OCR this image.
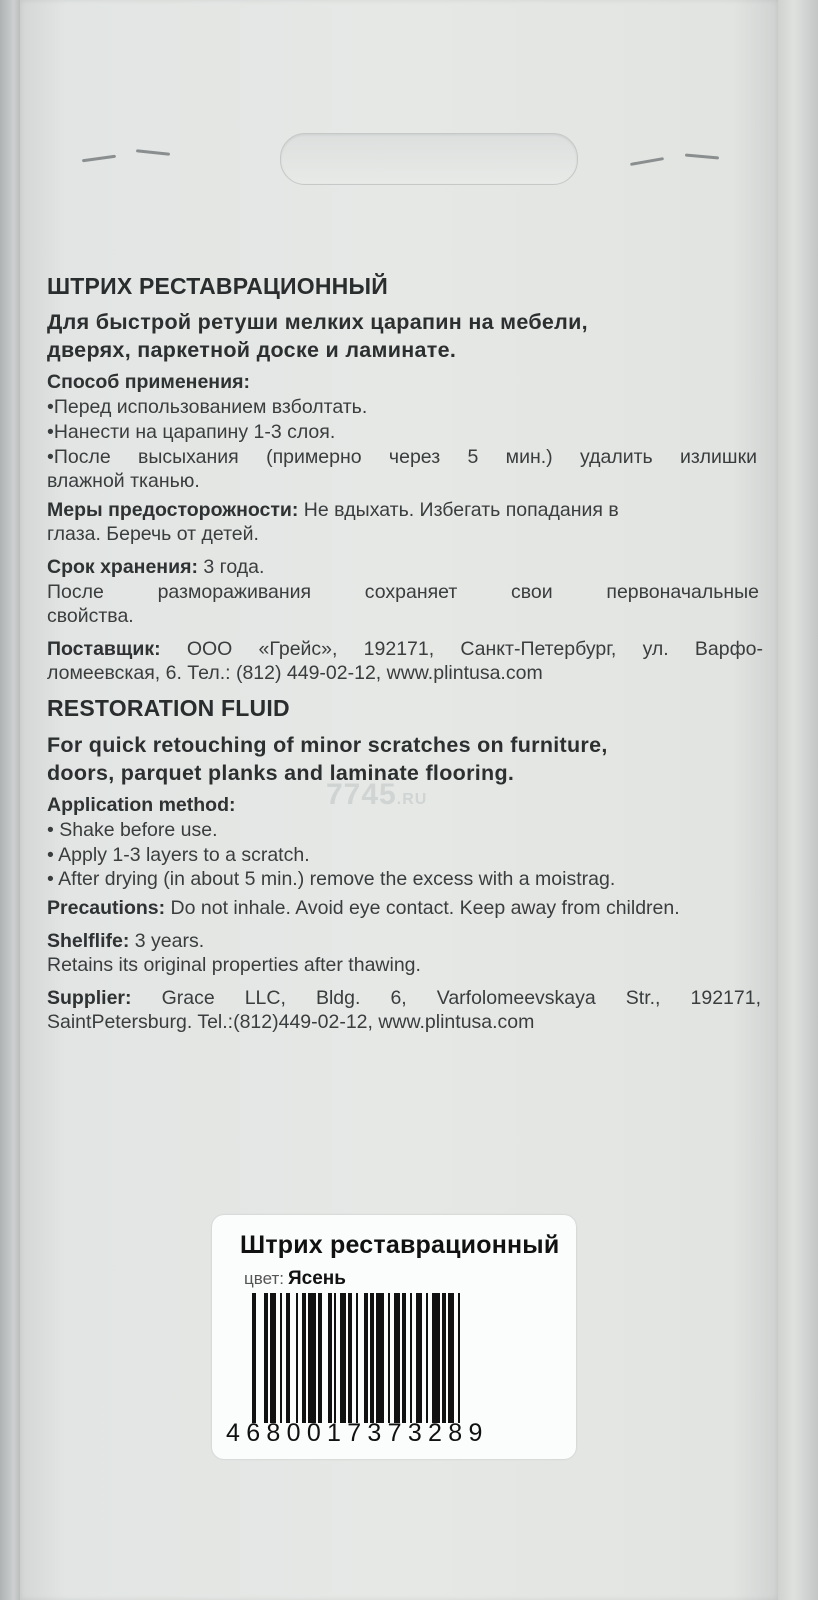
ШТРИХ РЕСТАВРАЦИОННЫЙ
Для быстрой ретуши мелких царапин на мебели,
дверях, паркетной доске и ламинате.
Способ применения:
•Перед использованием взболтать.
•Нанести на царапину 1-3 слоя.
•После высыхания (примерно через 5 мин.) удалить излишки
влажной тканью.
Меры предосторожности: Не вдыхать. Избегать попадания в
глаза. Беречь от детей.
Срок хранения: 3 года.
После размораживания сохраняет свои первоначальные
свойства.
Поставщик: ООО «Грейс», 192171, Санкт-Петербург, ул. Варфо-
ломеевская, 6. Тел.: (812) 449-02-12, www.plintusa.com
RESTORATION FLUID
For quick retouching of minor scratches on furniture,
doors, parquet planks and laminate flooring.
7745.RU
Application method:
• Shake before use.
• Apply 1-3 layers to a scratch.
• After drying (in about 5 min.) remove the excess with a moistrag.
Precautions: Do not inhale. Avoid eye contact. Keep away from children.
Shelflife: 3 years.
Retains its original properties after thawing.
Supplier: Grace LLC, Bldg. 6, Varfolomeevskaya Str., 192171,
SaintPetersburg. Tel.:(812)449-02-12, www.plintusa.com
Штрих реставрационный
цвет: Ясень
4680017373289
